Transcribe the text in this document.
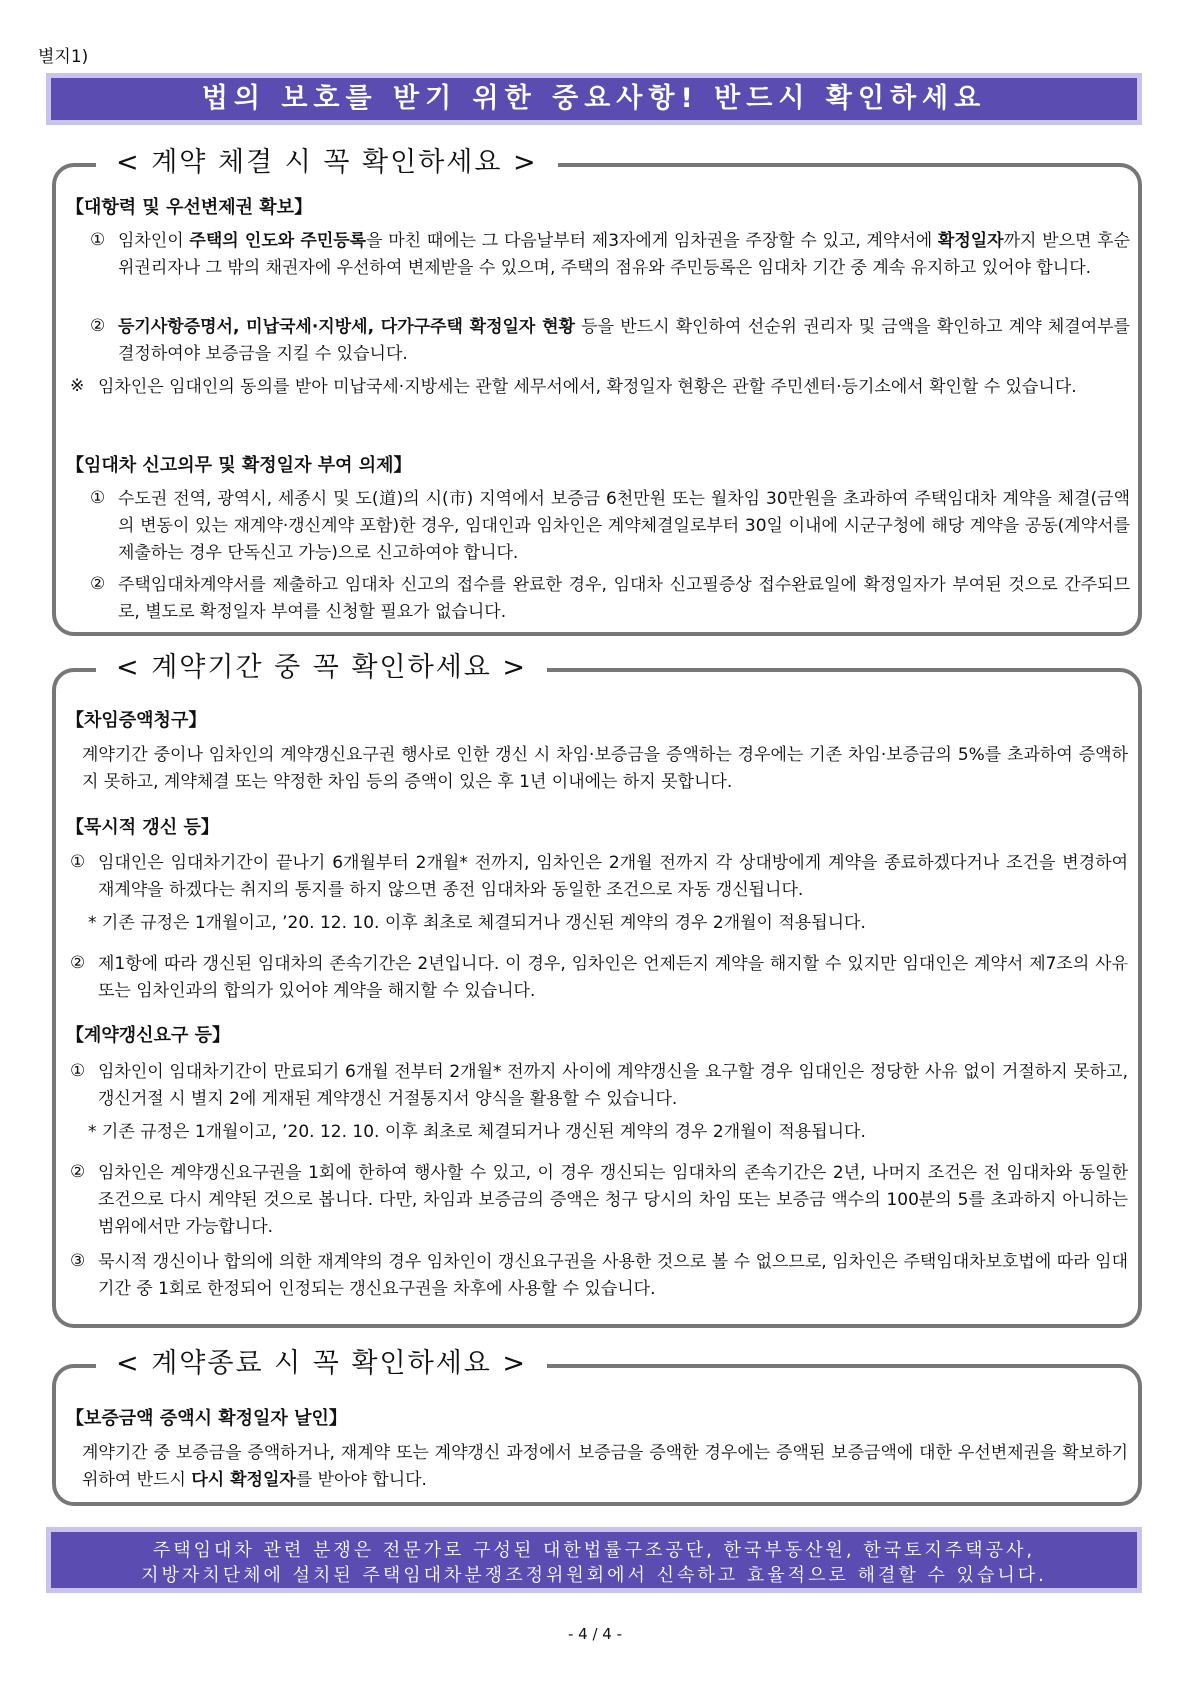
별지1)
법의 보호를 받기 위한 중요사항! 반드시 확인하세요
< 계약 체결 시 꼭 확인하세요 >
【대항력 및 우선변제권 확보】
① 임차인이 주택의 인도와 주민등록을 마친 때에는 그 다음날부터 제3자에게 임차권을 주장할 수 있고, 계약서에 확정일자까지 받으면 후순위권리자나 그 밖의 채권자에 우선하여 변제받을 수 있으며, 주택의 점유와 주민등록은 임대차 기간 중 계속 유지하고 있어야 합니다.
② 등기사항증명서, 미납국세·지방세, 다가구주택 확정일자 현황 등을 반드시 확인하여 선순위 권리자 및 금액을 확인하고 계약 체결여부를 결정하여야 보증금을 지킬 수 있습니다.
※ 임차인은 임대인의 동의를 받아 미납국세·지방세는 관할 세무서에서, 확정일자 현황은 관할 주민센터·등기소에서 확인할 수 있습니다.
【임대차 신고의무 및 확정일자 부여 의제】
① 수도권 전역, 광역시, 세종시 및 도(道)의 시(市) 지역에서 보증금 6천만원 또는 월차임 30만원을 초과하여 주택임대차 계약을 체결(금액의 변동이 있는 재계약·갱신계약 포함)한 경우, 임대인과 임차인은 계약체결일로부터 30일 이내에 시군구청에 해당 계약을 공동(계약서를 제출하는 경우 단독신고 가능)으로 신고하여야 합니다.
② 주택임대차계약서를 제출하고 임대차 신고의 접수를 완료한 경우, 임대차 신고필증상 접수완료일에 확정일자가 부여된 것으로 간주되므로, 별도로 확정일자 부여를 신청할 필요가 없습니다.
< 계약기간 중 꼭 확인하세요 >
【차임증액청구】
계약기간 중이나 임차인의 계약갱신요구권 행사로 인한 갱신 시 차임·보증금을 증액하는 경우에는 기존 차임·보증금의 5%를 초과하여 증액하지 못하고, 계약체결 또는 약정한 차임 등의 증액이 있은 후 1년 이내에는 하지 못합니다.
【묵시적 갱신 등】
① 임대인은 임대차기간이 끝나기 6개월부터 2개월* 전까지, 임차인은 2개월 전까지 각 상대방에게 계약을 종료하겠다거나 조건을 변경하여 재계약을 하겠다는 취지의 통지를 하지 않으면 종전 임대차와 동일한 조건으로 자동 갱신됩니다.
* 기존 규정은 1개월이고, ’20. 12. 10. 이후 최초로 체결되거나 갱신된 계약의 경우 2개월이 적용됩니다.
② 제1항에 따라 갱신된 임대차의 존속기간은 2년입니다. 이 경우, 임차인은 언제든지 계약을 해지할 수 있지만 임대인은 계약서 제7조의 사유 또는 임차인과의 합의가 있어야 계약을 해지할 수 있습니다.
【계약갱신요구 등】
① 임차인이 임대차기간이 만료되기 6개월 전부터 2개월* 전까지 사이에 계약갱신을 요구할 경우 임대인은 정당한 사유 없이 거절하지 못하고, 갱신거절 시 별지 2에 게재된 계약갱신 거절통지서 양식을 활용할 수 있습니다.
* 기존 규정은 1개월이고, ’20. 12. 10. 이후 최초로 체결되거나 갱신된 계약의 경우 2개월이 적용됩니다.
② 임차인은 계약갱신요구권을 1회에 한하여 행사할 수 있고, 이 경우 갱신되는 임대차의 존속기간은 2년, 나머지 조건은 전 임대차와 동일한 조건으로 다시 계약된 것으로 봅니다. 다만, 차임과 보증금의 증액은 청구 당시의 차임 또는 보증금 액수의 100분의 5를 초과하지 아니하는 범위에서만 가능합니다.
③ 묵시적 갱신이나 합의에 의한 재계약의 경우 임차인이 갱신요구권을 사용한 것으로 볼 수 없으므로, 임차인은 주택임대차보호법에 따라 임대기간 중 1회로 한정되어 인정되는 갱신요구권을 차후에 사용할 수 있습니다.
< 계약종료 시 꼭 확인하세요 >
【보증금액 증액시 확정일자 날인】
계약기간 중 보증금을 증액하거나, 재계약 또는 계약갱신 과정에서 보증금을 증액한 경우에는 증액된 보증금액에 대한 우선변제권을 확보하기 위하여 반드시 다시 확정일자를 받아야 합니다.
주택임대차 관련 분쟁은 전문가로 구성된 대한법률구조공단, 한국부동산원, 한국토지주택공사,
지방자치단체에 설치된 주택임대차분쟁조정위원회에서 신속하고 효율적으로 해결할 수 있습니다.
- 4 / 4 -
